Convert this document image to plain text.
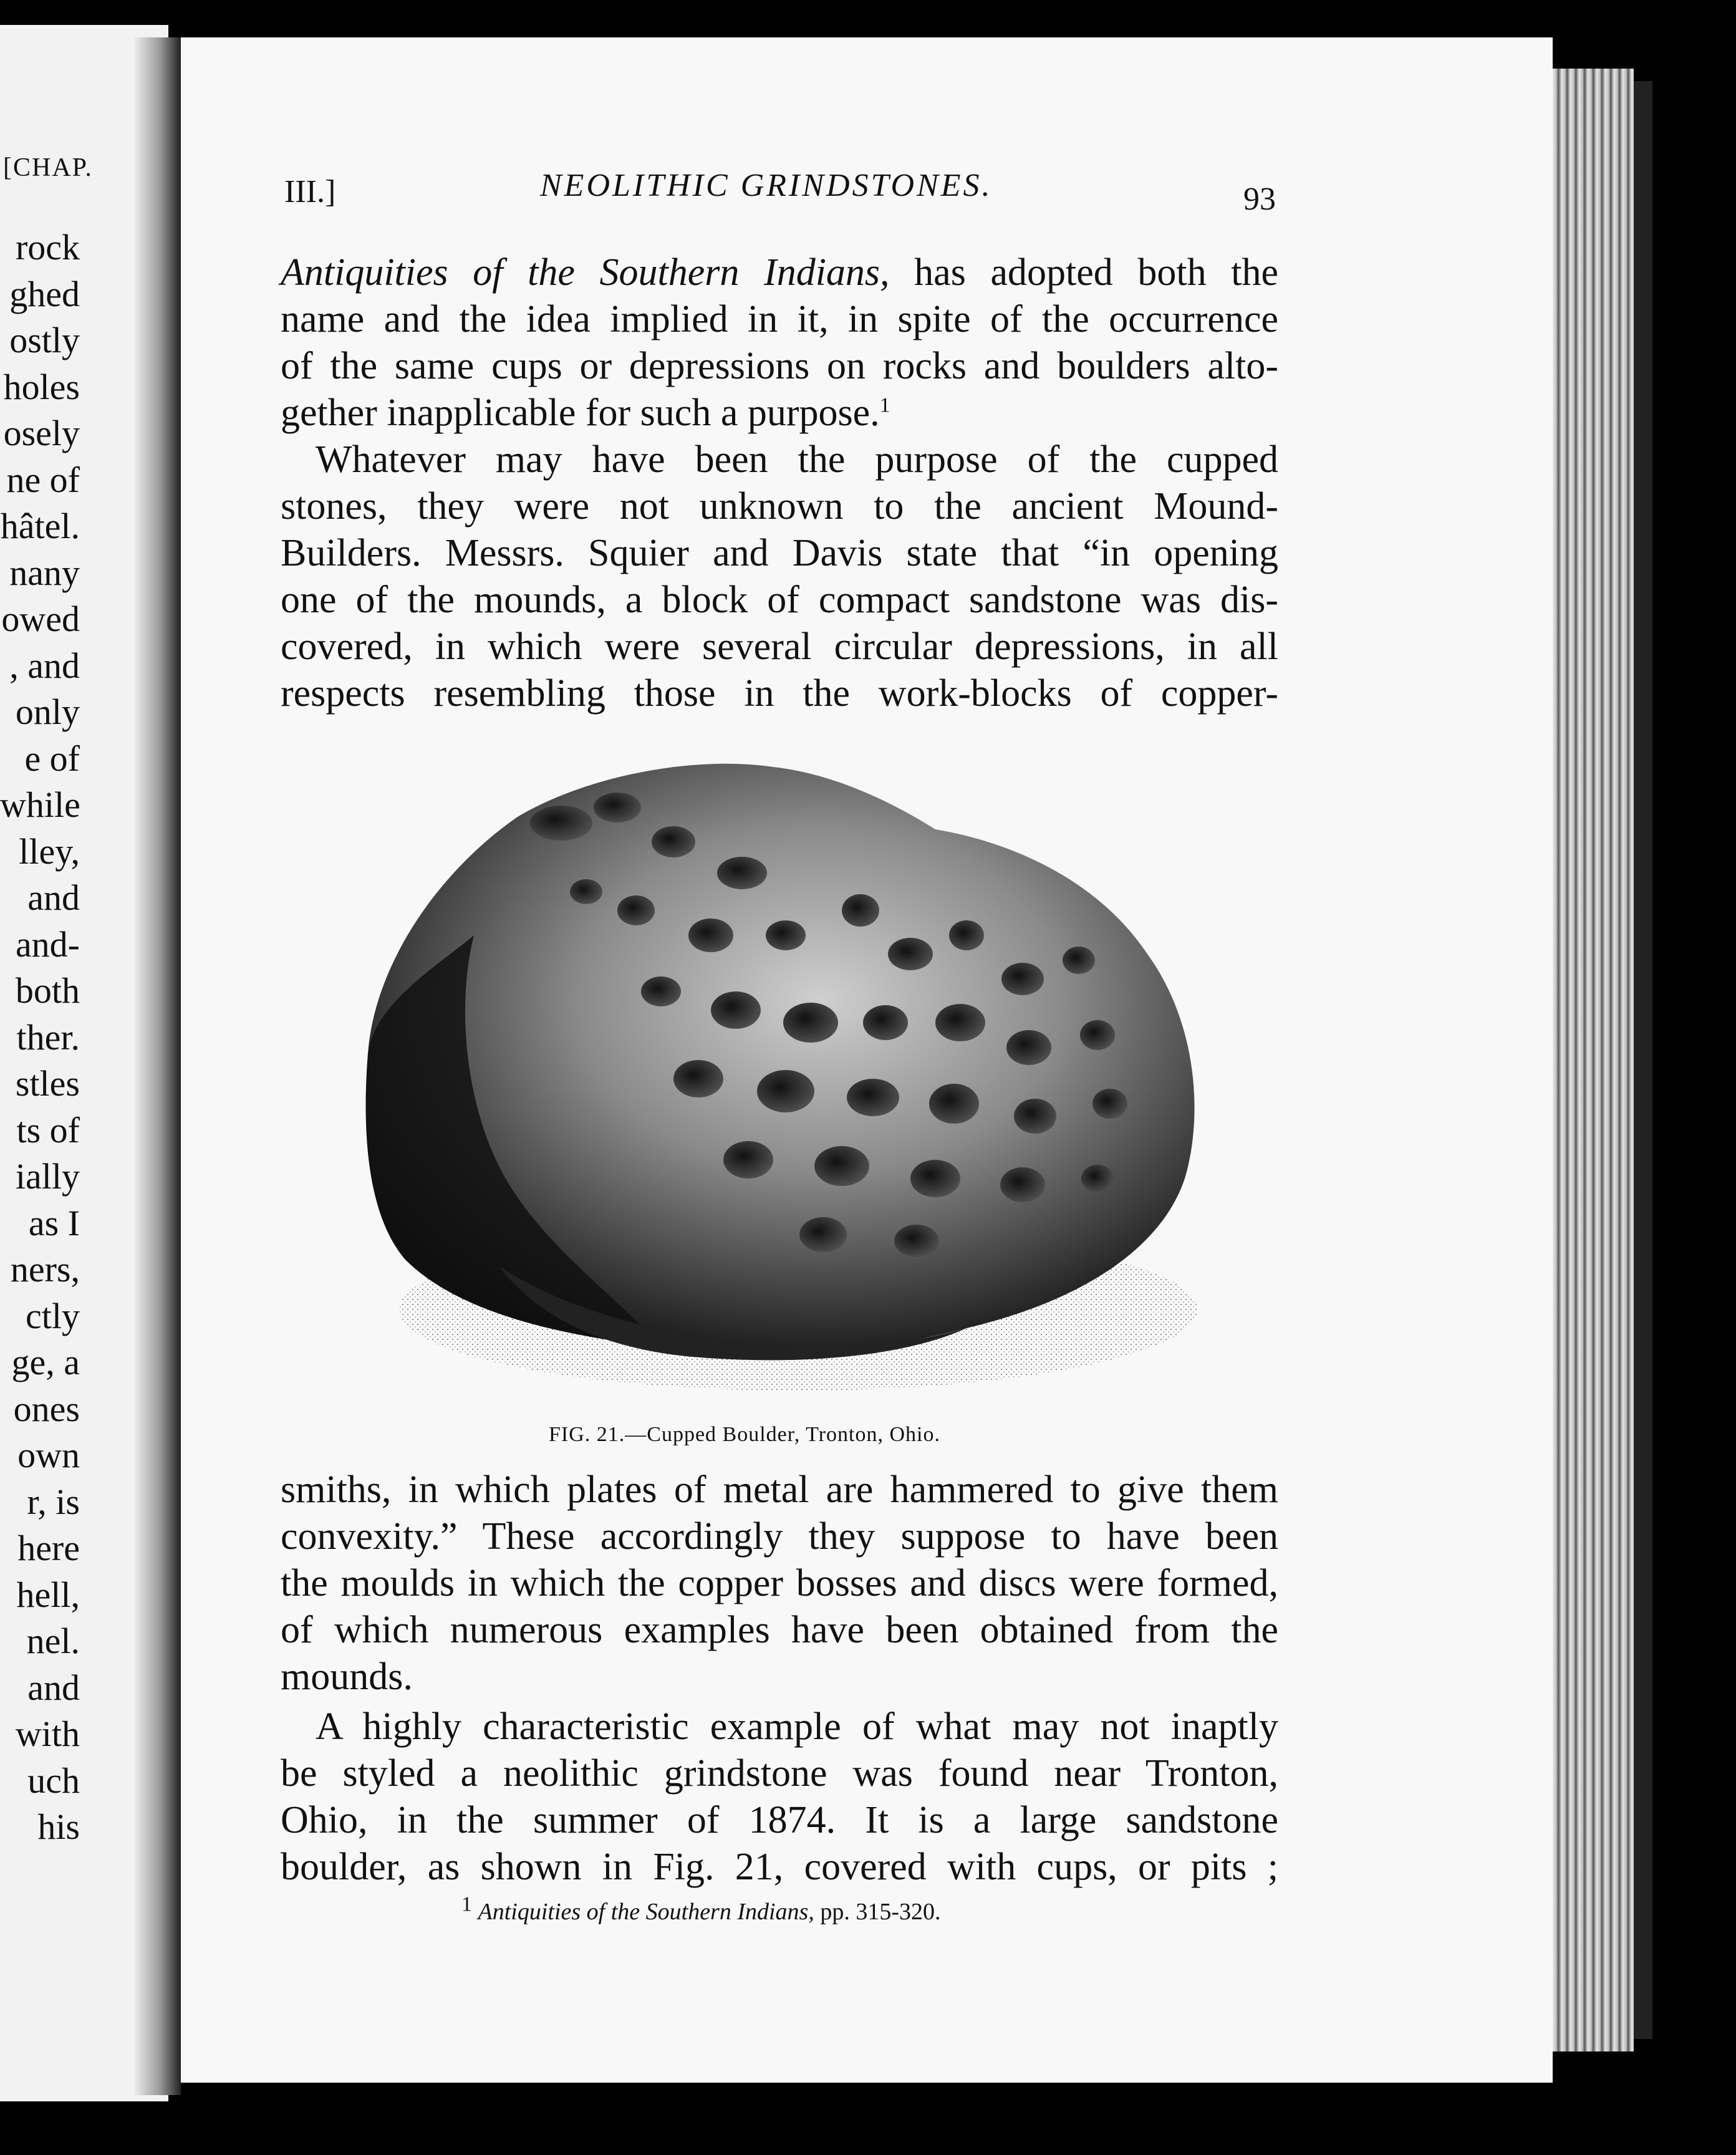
[CHAP.
rock
ghed
ostly
holes
osely
ne of
hâtel.
nany
owed
, and
only
e of
while
lley,
and
and-
both
ther.
stles
ts of
ially
as I
ners,
ctly
ge, a
ones
own
r, is
here
hell,
nel.
and
with
uch
his
III.]	NEOLITHIC GRINDSTONES.	93
Antiquities of the Southern Indians, has adopted both the
name and the idea implied in it, in spite of the occurrence
of the same cups or depressions on rocks and boulders alto-
gether inapplicable for such a purpose.$^1$
Whatever may have been the purpose of the cupped
stones, they were not unknown to the ancient Mound-
Builders. Messrs. Squier and Davis state that “in opening
one of the mounds, a block of compact sandstone was dis-
covered, in which were several circular depressions, in all
respects resembling those in the work-blocks of copper-
FIG. 21.—Cupped Boulder, Tronton, Ohio.
smiths, in which plates of metal are hammered to give them
convexity.” These accordingly they suppose to have been
the moulds in which the copper bosses and discs were formed,
of which numerous examples have been obtained from the
mounds.
A highly characteristic example of what may not inaptly
be styled a neolithic grindstone was found near Tronton,
Ohio, in the summer of 1874. It is a large sandstone
boulder, as shown in Fig. 21, covered with cups, or pits ;
$^1$ Antiquities of the Southern Indians, pp. 315-320.
